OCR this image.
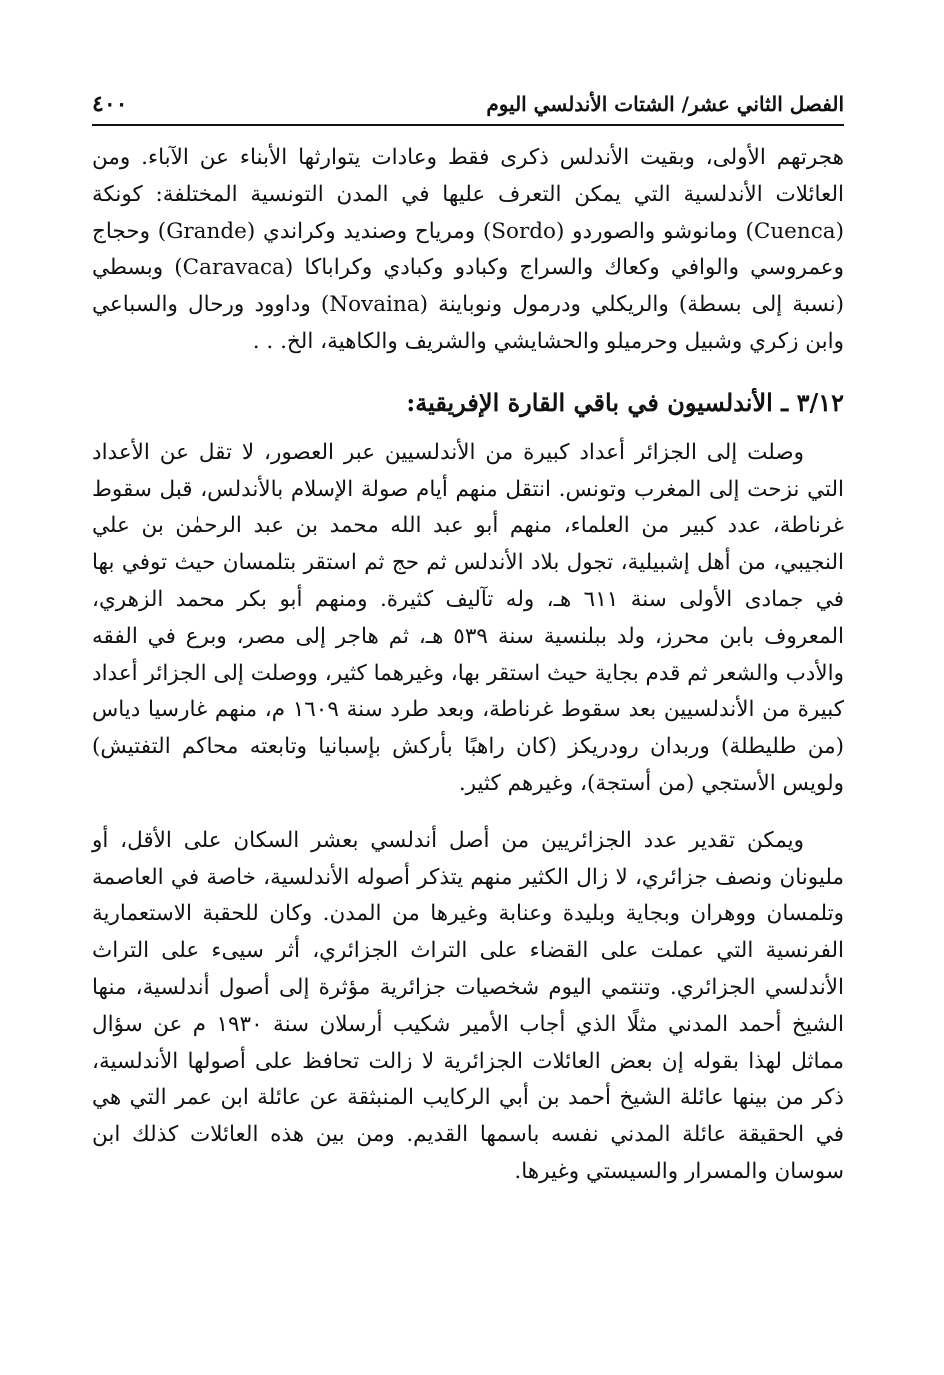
الفصل الثاني عشر/ الشتات الأندلسي اليوم
٤٠٠

هجرتهم الأولى، وبقيت الأندلس ذكرى فقط وعادات يتوارثها الأبناء عن الآباء. ومن العائلات الأندلسية التي يمكن التعرف عليها في المدن التونسية المختلفة: كونكة (Cuenca) ومانوشو والصوردو (Sordo) ومرياح وصنديد وكراندي (Grande) وحجاج وعمروسي والوافي وكعاك والسراج وكبادو وكبادي وكراباكا (Caravaca) وبسطي (نسبة إلى بسطة) والريكلي ودرمول ونوباينة (Novaina) وداوود ورحال والسباعي وابن زكري وشبيل وحرميلو والحشايشي والشريف والكاهية، الخ. . .

٣/١٢ ـ الأندلسيون في باقي القارة الإفريقية:

وصلت إلى الجزائر أعداد كبيرة من الأندلسيين عبر العصور، لا تقل عن الأعداد التي نزحت إلى المغرب وتونس. انتقل منهم أيام صولة الإسلام بالأندلس، قبل سقوط غرناطة، عدد كبير من العلماء، منهم أبو عبد الله محمد بن عبد الرحمٰن بن علي النجيبي، من أهل إشبيلية، تجول بلاد الأندلس ثم حج ثم استقر بتلمسان حيث توفي بها في جمادى الأولى سنة ٦١١ هـ، وله تآليف كثيرة. ومنهم أبو بكر محمد الزهري، المعروف بابن محرز، ولد ببلنسية سنة ٥٣٩ هـ، ثم هاجر إلى مصر، وبرع في الفقه والأدب والشعر ثم قدم بجاية حيث استقر بها، وغيرهما كثير، ووصلت إلى الجزائر أعداد كبيرة من الأندلسيين بعد سقوط غرناطة، وبعد طرد سنة ١٦٠٩ م، منهم غارسيا دياس (من طليطلة) وربدان رودريكز (كان راهبًا بأركش بإسبانيا وتابعته محاكم التفتيش) ولويس الأستجي (من أستجة)، وغيرهم كثير.

ويمكن تقدير عدد الجزائريين من أصل أندلسي بعشر السكان على الأقل، أو مليونان ونصف جزائري، لا زال الكثير منهم يتذكر أصوله الأندلسية، خاصة في العاصمة وتلمسان ووهران وبجاية وبليدة وعنابة وغيرها من المدن. وكان للحقبة الاستعمارية الفرنسية التي عملت على القضاء على التراث الجزائري، أثر سيىء على التراث الأندلسي الجزائري. وتنتمي اليوم شخصيات جزائرية مؤثرة إلى أصول أندلسية، منها الشيخ أحمد المدني مثلًا الذي أجاب الأمير شكيب أرسلان سنة ١٩٣٠ م عن سؤال مماثل لهذا بقوله إن بعض العائلات الجزائرية لا زالت تحافظ على أصولها الأندلسية، ذكر من بينها عائلة الشيخ أحمد بن أبي الركايب المنبثقة عن عائلة ابن عمر التي هي في الحقيقة عائلة المدني نفسه باسمها القديم. ومن بين هذه العائلات كذلك ابن سوسان والمسرار والسيستي وغيرها.
